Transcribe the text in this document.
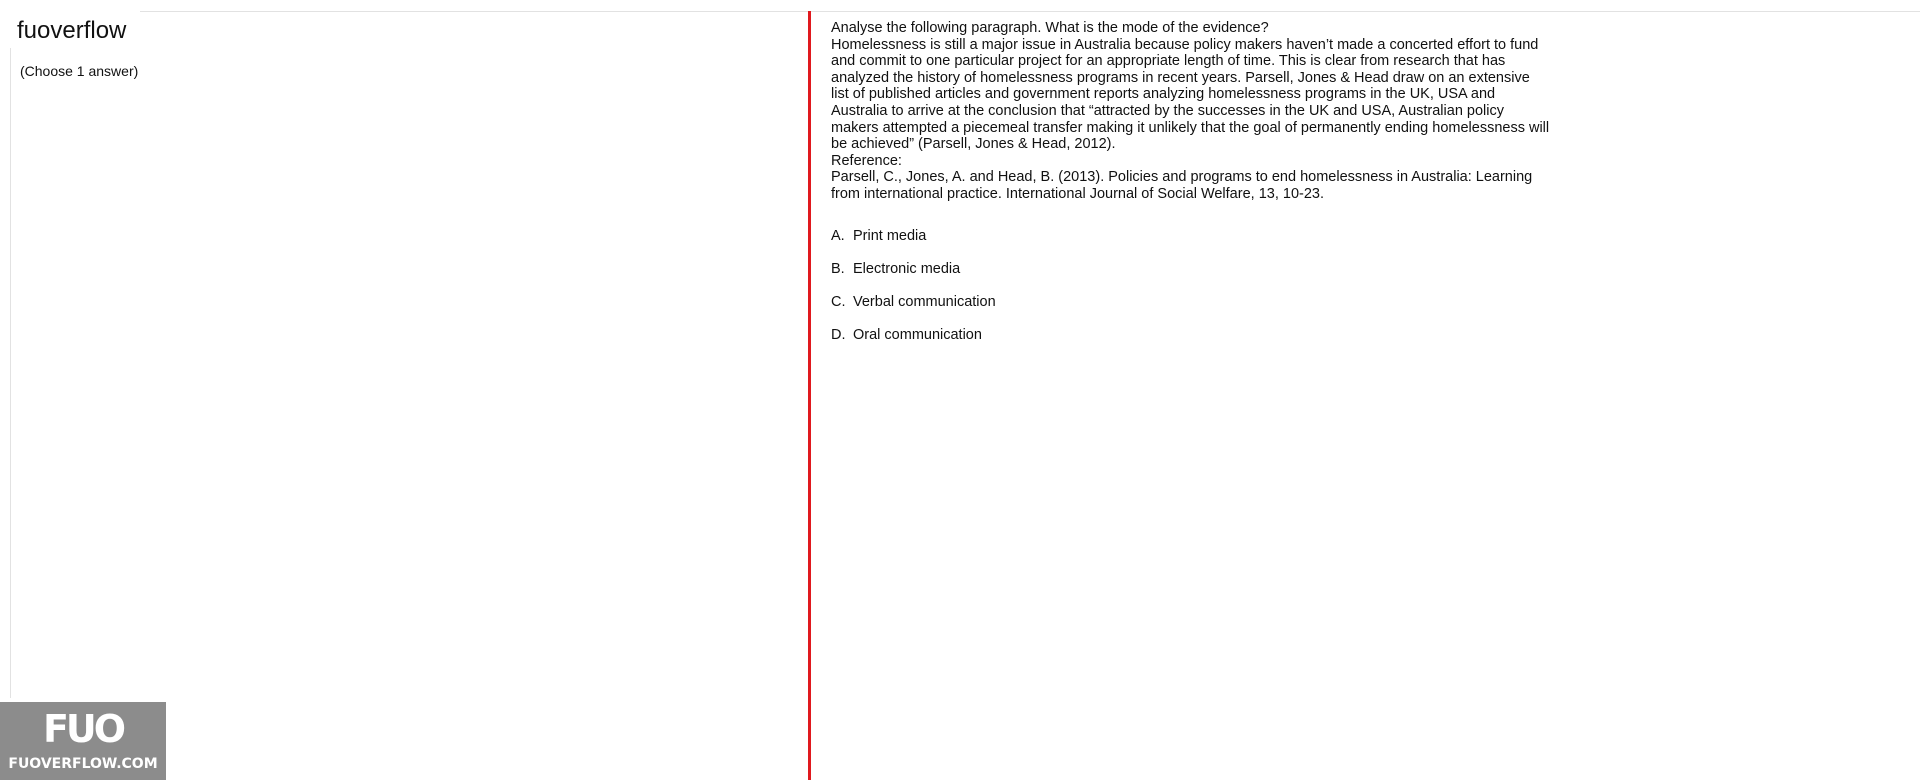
fuoverflow
(Choose 1 answer)

Analyse the following paragraph. What is the mode of the evidence?

Homelessness is still a major issue in Australia because policy makers haven’t made a concerted effort to fund and commit to one particular project for an appropriate length of time. This is clear from research that has analyzed the history of homelessness programs in recent years. Parsell, Jones & Head draw on an extensive list of published articles and government reports analyzing homelessness programs in the UK, USA and Australia to arrive at the conclusion that “attracted by the successes in the UK and USA, Australian policy makers attempted a piecemeal transfer making it unlikely that the goal of permanently ending homelessness will be achieved” (Parsell, Jones & Head, 2012).

Reference:

Parsell, C., Jones, A. and Head, B. (2013). Policies and programs to end homelessness in Australia: Learning from international practice. International Journal of Social Welfare, 13, 10-23.

A. Print media
B. Electronic media
C. Verbal communication
D. Oral communication
FUO
FUOVERFLOW.COM
